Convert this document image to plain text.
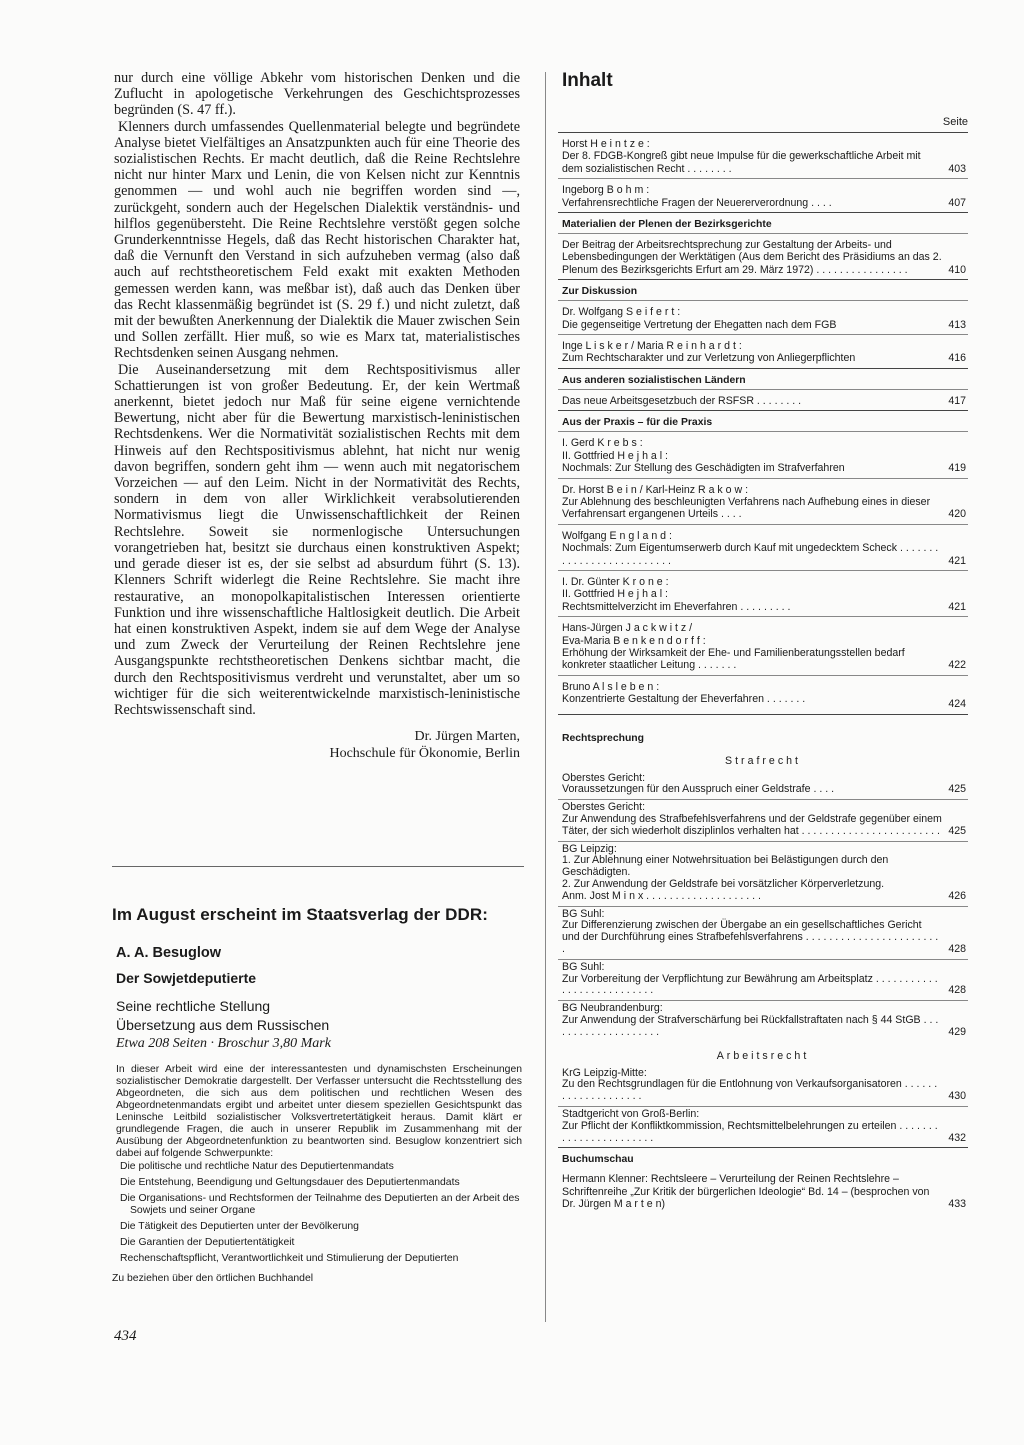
nur durch eine völlige Abkehr vom historischen Denken und die Zuflucht in apologetische Verkehrungen des Geschichtsprozesses begründen (S. 47 ff.).

Klenners durch umfassendes Quellenmaterial belegte und begründete Analyse bietet Vielfältiges an Ansatzpunkten auch für eine Theorie des sozialistischen Rechts. Er macht deutlich, daß die Reine Rechtslehre nicht nur hinter Marx und Lenin, die von Kelsen nicht zur Kenntnis genommen — und wohl auch nie begriffen worden sind —, zurückgeht, sondern auch der Hegelschen Dialektik verständnis- und hilflos gegenübersteht. Die Reine Rechtslehre verstößt gegen solche Grunderkenntnisse Hegels, daß das Recht historischen Charakter hat, daß die Vernunft den Verstand in sich aufzuheben vermag (also daß auch auf rechtstheoretischem Feld exakt mit exakten Methoden gemessen werden kann, was meßbar ist), daß auch das Denken über das Recht klassenmäßig begründet ist (S. 29 f.) und nicht zuletzt, daß mit der bewußten Anerkennung der Dialektik die Mauer zwischen Sein und Sollen zerfällt. Hier muß, so wie es Marx tat, materialistisches Rechtsdenken seinen Ausgang nehmen.

Die Auseinandersetzung mit dem Rechtspositivismus aller Schattierungen ist von großer Bedeutung. Er, der kein Wertmaß anerkennt, bietet jedoch nur Maß für seine eigene vernichtende Bewertung, nicht aber für die Bewertung marxistisch-leninistischen Rechtsdenkens. Wer die Normativität sozialistischen Rechts mit dem Hinweis auf den Rechtspositivismus ablehnt, hat nicht nur wenig davon begriffen, sondern geht ihm — wenn auch mit negatorischem Vorzeichen — auf den Leim. Nicht in der Normativität des Rechts, sondern in dem von aller Wirklichkeit verabsolutierenden Normativismus liegt die Unwissenschaftlichkeit der Reinen Rechtslehre. Soweit sie normenlogische Untersuchungen vorangetrieben hat, besitzt sie durchaus einen konstruktiven Aspekt; und gerade dieser ist es, der sie selbst ad absurdum führt (S. 13). Klenners Schrift widerlegt die Reine Rechtslehre. Sie macht ihre restaurative, an monopolkapitalistischen Interessen orientierte Funktion und ihre wissenschaftliche Haltlosigkeit deutlich. Die Arbeit hat einen konstruktiven Aspekt, indem sie auf dem Wege der Analyse und zum Zweck der Verurteilung der Reinen Rechtslehre jene Ausgangspunkte rechtstheoretischen Denkens sichtbar macht, die durch den Rechtspositivismus verdreht und verunstaltet, aber um so wichtiger für die sich weiterentwickelnde marxistisch-leninistische Rechtswissenschaft sind.

Dr. Jürgen Marten,
Hochschule für Ökonomie, Berlin
Im August erscheint im Staatsverlag der DDR:
A. A. Besuglow
Der Sowjetdeputierte
Seine rechtliche Stellung
Übersetzung aus dem Russischen
Etwa 208 Seiten · Broschur 3,80 Mark

In dieser Arbeit wird eine der interessantesten und dynamischsten Erscheinungen sozialistischer Demokratie dargestellt. Der Verfasser untersucht die Rechtsstellung des Abgeordneten, die sich aus dem politischen und rechtlichen Wesen des Abgeordnetenmandats ergibt und arbeitet unter diesem speziellen Gesichtspunkt das Leninsche Leitbild sozialistischer Volksvertretertätigkeit heraus. Damit klärt er grundlegende Fragen, die auch in unserer Republik im Zusammenhang mit der Ausübung der Abgeordnetenfunktion zu beantworten sind. Besuglow konzentriert sich dabei auf folgende Schwerpunkte:

Die politische und rechtliche Natur des Deputiertenmandats
Die Entstehung, Beendigung und Geltungsdauer des Deputiertenmandats
Die Organisations- und Rechtsformen der Teilnahme des Deputierten an der Arbeit des Sowjets und seiner Organe
Die Tätigkeit des Deputierten unter der Bevölkerung
Die Garantien der Deputiertentätigkeit
Rechenschaftspflicht, Verantwortlichkeit und Stimulierung der Deputierten
Zu beziehen über den örtlichen Buchhandel
434
Inhalt
Seite
Horst H e i n t z e :
Der 8. FDGB-Kongreß gibt neue Impulse für die gewerkschaftliche Arbeit mit dem sozialistischen Recht . . . . . . . .	403
Ingeborg B o h m :
Verfahrensrechtliche Fragen der Neuererverordnung . . . .	407
Materialien der Plenen der Bezirksgerichte
Der Beitrag der Arbeitsrechtsprechung zur Gestaltung der Arbeits- und Lebensbedingungen der Werktätigen (Aus dem Bericht des Präsidiums an das 2. Plenum des Bezirksgerichts Erfurt am 29. März 1972) . . . . . . . . . . . . . . . .	410
Zur Diskussion
Dr. Wolfgang S e i f e r t :
Die gegenseitige Vertretung der Ehegatten nach dem FGB	413
Inge L i s k e r / Maria R e i n h a r d t :
Zum Rechtscharakter und zur Verletzung von Anliegerpflichten	416
Aus anderen sozialistischen Ländern
Das neue Arbeitsgesetzbuch der RSFSR . . . . . . . .	417
Aus der Praxis – für die Praxis
I. Gerd K r e b s :
II. Gottfried H e j h a l :
Nochmals: Zur Stellung des Geschädigten im Strafverfahren	419
Dr. Horst B e i n / Karl-Heinz R a k o w :
Zur Ablehnung des beschleunigten Verfahrens nach Aufhebung eines in dieser Verfahrensart ergangenen Urteils . . . .	420
Wolfgang E n g l a n d :
Nochmals: Zum Eigentumserwerb durch Kauf mit ungedecktem Scheck . . . . . . . . . . . . . . . . . . . . . . . . . .	421
I. Dr. Günter K r o n e :
II. Gottfried H e j h a l :
Rechtsmittelverzicht im Eheverfahren . . . . . . . . .	421
Hans-Jürgen J a c k w i t z /
Eva-Maria B e n k e n d o r f f :
Erhöhung der Wirksamkeit der Ehe- und Familienberatungsstellen bedarf konkreter staatlicher Leitung . . . . . . .	422
Bruno A l s l e b e n :
Konzentrierte Gestaltung der Eheverfahren . . . . . . .	424
Rechtsprechung
Strafrecht
Oberstes Gericht:
Voraussetzungen für den Ausspruch einer Geldstrafe . . . .	425
Oberstes Gericht:
Zur Anwendung des Strafbefehlsverfahrens und der Geldstrafe gegenüber einem Täter, der sich wiederholt disziplinlos verhalten hat . . . . . . . . . . . . . . . . . . . . . . . . 425
BG Leipzig:
1. Zur Ablehnung einer Notwehrsituation bei Belästigungen durch den Geschädigten.
2. Zur Anwendung der Geldstrafe bei vorsätzlicher Körperverletzung.
Anm. Jost M i n x . . . . . . . . . . . . . . . . . . . .	426
BG Suhl:
Zur Differenzierung zwischen der Übergabe an ein gesellschaftliches Gericht und der Durchführung eines Strafbefehlsverfahrens . . . . . . . . . . . . . . . . . . . . . . . .	428
BG Suhl:
Zur Vorbereitung der Verpflichtung zur Bewährung am Arbeitsplatz . . . . . . . . . . . . . . . . . . . . . . . . . . .	428
BG Neubrandenburg:
Zur Anwendung der Strafverschärfung bei Rückfallstraftaten nach § 44 StGB . . . . . . . . . . . . . . . . . . . .	429
Arbeitsrecht
KrG Leipzig-Mitte:
Zu den Rechtsgrundlagen für die Entlohnung von Verkaufsorganisatoren . . . . . . . . . . . . . . . . . . . .	430
Stadtgericht von Groß-Berlin:
Zur Pflicht der Konfliktkommission, Rechtsmittelbelehrungen zu erteilen . . . . . . . . . . . . . . . . . . . . . . .	432
Buchumschau
Hermann Klenner: Rechtsleere – Verurteilung der Reinen Rechtslehre – Schriftenreihe „Zur Kritik der bürgerlichen Ideologie“ Bd. 14 – (besprochen von Dr. Jürgen M a r t e n)	433
